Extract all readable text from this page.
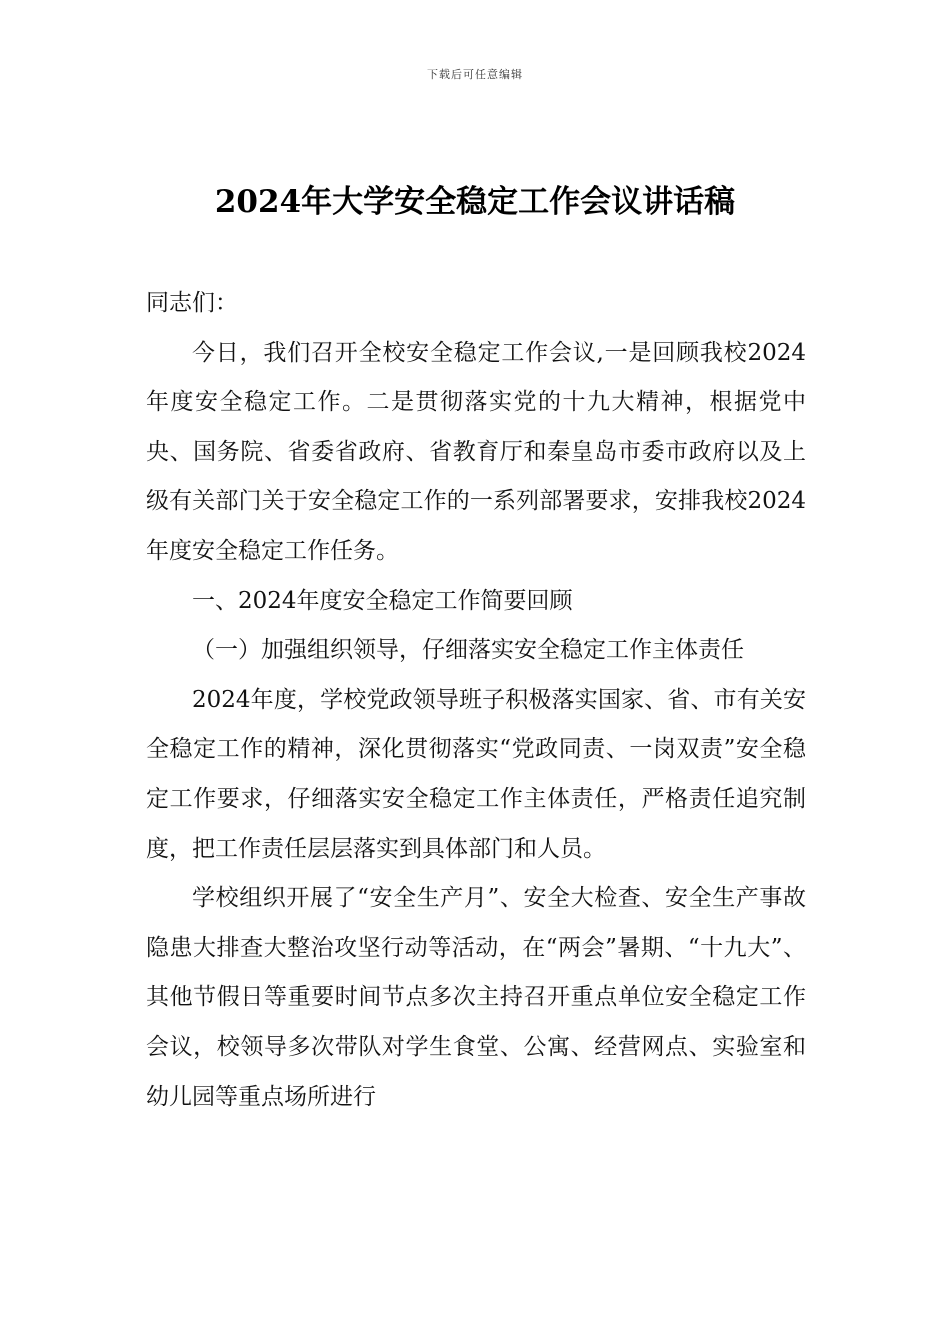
下载后可任意编辑
2024年大学安全稳定工作会议讲话稿

同志们：

今日，我们召开全校安全稳定工作会议,一是回顾我校2024年度安全稳定工作。二是贯彻落实党的十九大精神，根据党中央、国务院、省委省政府、省教育厅和秦皇岛市委市政府以及上级有关部门关于安全稳定工作的一系列部署要求，安排我校2024年度安全稳定工作任务。

一、2024年度安全稳定工作简要回顾

（一）加强组织领导，仔细落实安全稳定工作主体责任

2024年度，学校党政领导班子积极落实国家、省、市有关安全稳定工作的精神，深化贯彻落实“党政同责、一岗双责”安全稳定工作要求，仔细落实安全稳定工作主体责任，严格责任追究制度，把工作责任层层落实到具体部门和人员。

学校组织开展了“安全生产月”、安全大检查、安全生产事故隐患大排查大整治攻坚行动等活动，在“两会”暑期、“十九大”、其他节假日等重要时间节点多次主持召开重点单位安全稳定工作会议，校领导多次带队对学生食堂、公寓、经营网点、实验室和幼儿园等重点场所进行
